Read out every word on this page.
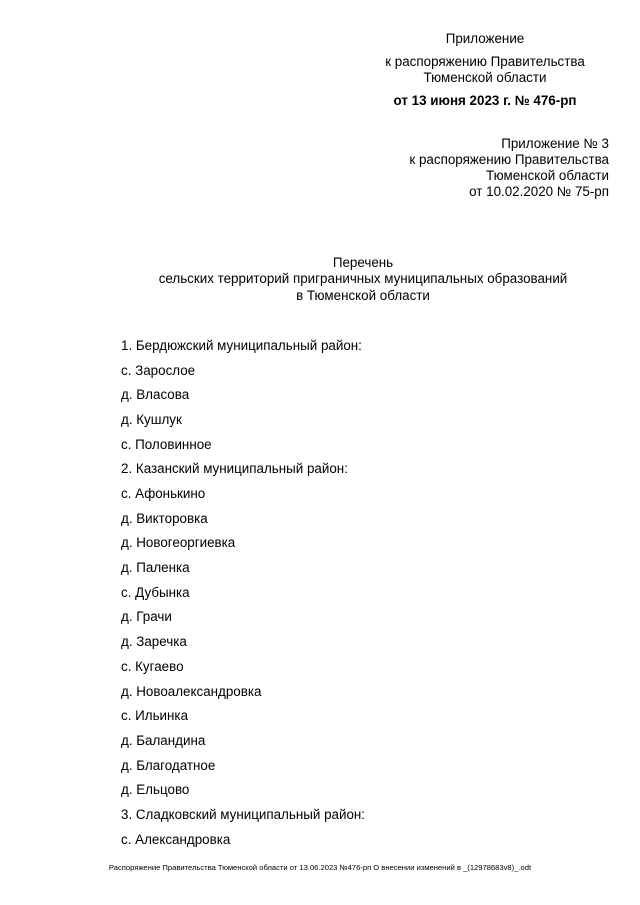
Приложение
к распоряжению Правительства
Тюменской области
от 13 июня 2023 г. № 476-рп
Приложение № 3
к распоряжению Правительства
Тюменской области
от 10.02.2020 № 75-рп
Перечень
сельских территорий приграничных муниципальных образований
в Тюменской области
1. Бердюжский муниципальный район:
с. Зарослое
д. Власова
д. Кушлук
с. Половинное
2. Казанский муниципальный район:
с. Афонькино
д. Викторовка
д. Новогеоргиевка
д. Паленка
с. Дубынка
д. Грачи
д. Заречка
с. Кугаево
д. Новоалександровка
с. Ильинка
д. Баландина
д. Благодатное
д. Ельцово
3. Сладковский муниципальный район:
с. Александровка
Распоряжение Правительства Тюменской области от 13.06.2023 №476-рп О внесении изменений в _(12978683v8)_.odt
